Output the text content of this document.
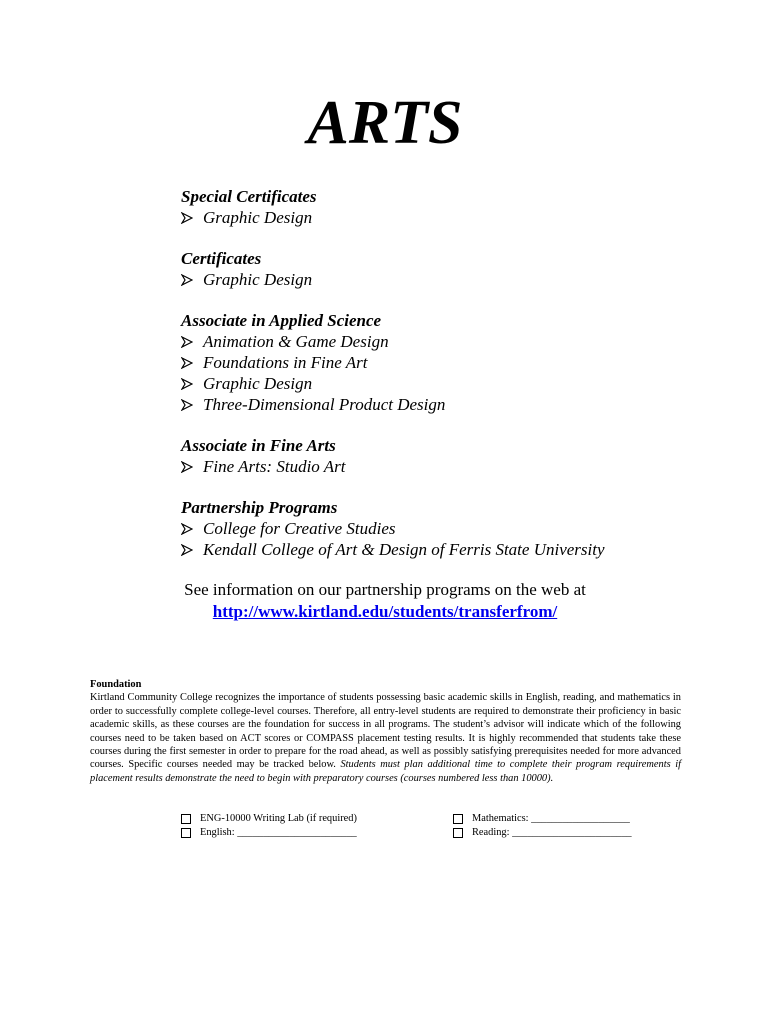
ARTS
Special Certificates
Graphic Design
Certificates
Graphic Design
Associate in Applied Science
Animation & Game Design
Foundations in Fine Art
Graphic Design
Three-Dimensional Product Design
Associate in Fine Arts
Fine Arts: Studio Art
Partnership Programs
College for Creative Studies
Kendall College of Art & Design of Ferris State University
See information on our partnership programs on the web at
http://www.kirtland.edu/students/transferfrom/
Foundation

Kirtland Community College recognizes the importance of students possessing basic academic skills in English, reading, and mathematics in order to successfully complete college-level courses. Therefore, all entry-level students are required to demonstrate their proficiency in basic academic skills, as these courses are the foundation for success in all programs. The student’s advisor will indicate which of the following courses need to be taken based on ACT scores or COMPASS placement testing results. It is highly recommended that students take these courses during the first semester in order to prepare for the road ahead, as well as possibly satisfying prerequisites needed for more advanced courses. Specific courses needed may be tracked below. Students must plan additional time to complete their program requirements if placement results demonstrate the need to begin with preparatory courses (courses numbered less than 10000).

ENG-10000 Writing Lab (if required)
English: _______________________
Mathematics: ___________________
Reading: _______________________
